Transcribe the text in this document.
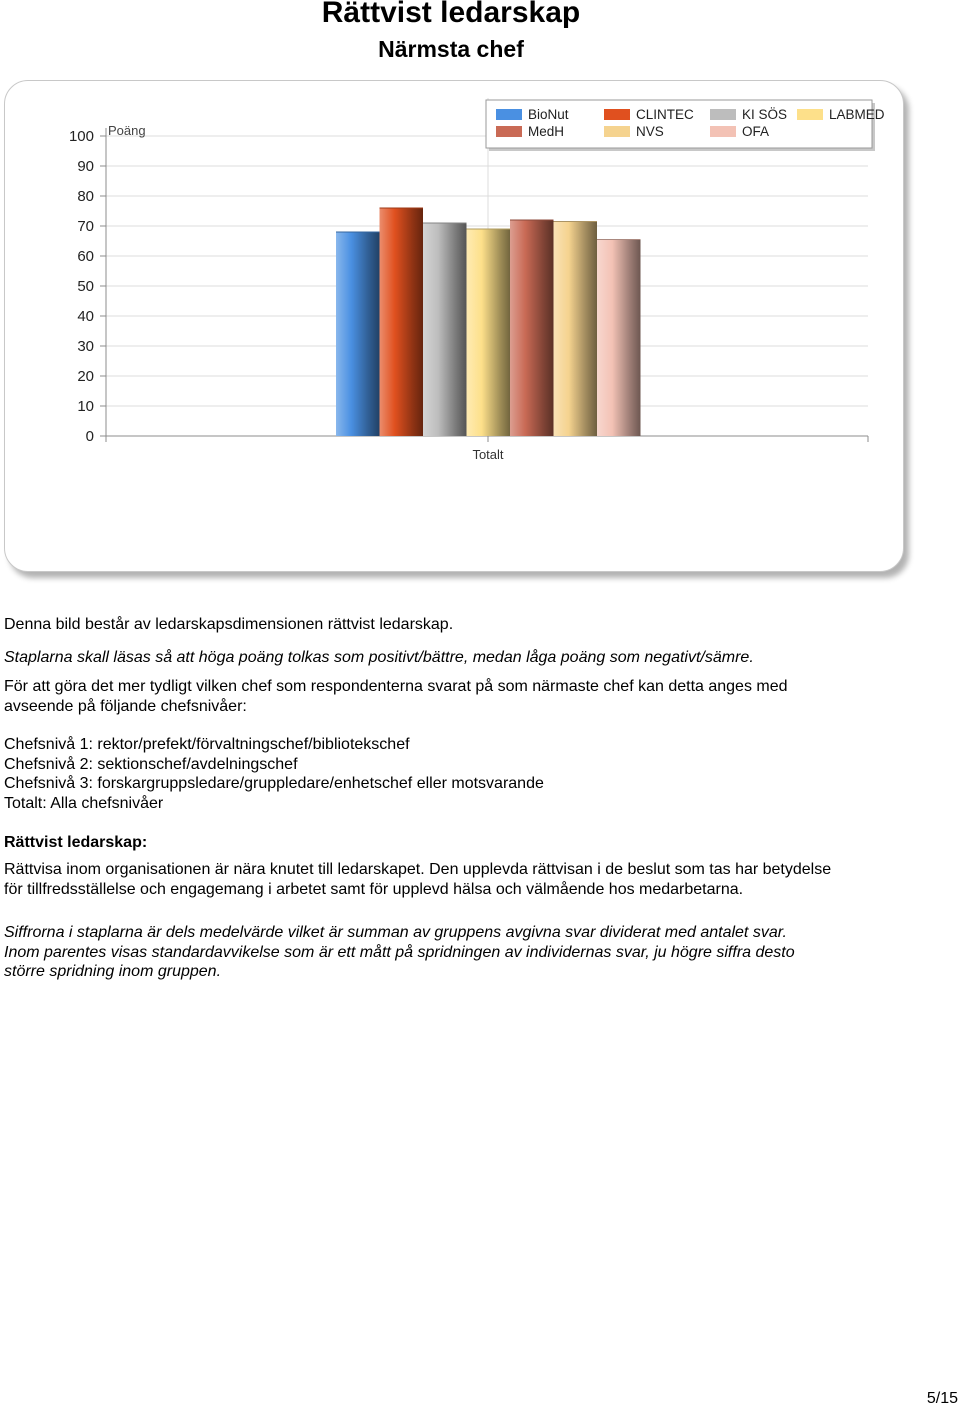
Rättvist ledarskap
Närmsta chef
0
10
20
30
40
50
60
70
80
90
100 Poäng
Totalt
BioNut	CLINTEC	KI SÖS	LABMED
MedH	NVS	OFA

Denna bild består av ledarskapsdimensionen rättvist ledarskap.

Staplarna skall läsas så att höga poäng tolkas som positivt/bättre, medan låga poäng som negativt/sämre.

För att göra det mer tydligt vilken chef som respondenterna svarat på som närmaste chef kan detta anges med

avseende på följande chefsnivåer:

Chefsnivå 1: rektor/prefekt/förvaltningschef/bibliotekschef

Chefsnivå 2: sektionschef/avdelningschef

Chefsnivå 3: forskargruppsledare/gruppledare/enhetschef eller motsvarande

Totalt: Alla chefsnivåer

Rättvist ledarskap:

Rättvisa inom organisationen är nära knutet till ledarskapet. Den upplevda rättvisan i de beslut som tas har betydelse

för tillfredsställelse och engagemang i arbetet samt för upplevd hälsa och välmående hos medarbetarna.

Siffrorna i staplarna är dels medelvärde vilket är summan av gruppens avgivna svar dividerat med antalet svar.

Inom parentes visas standardavvikelse som är ett mått på spridningen av individernas svar, ju högre siffra desto

större spridning inom gruppen.

5/15
